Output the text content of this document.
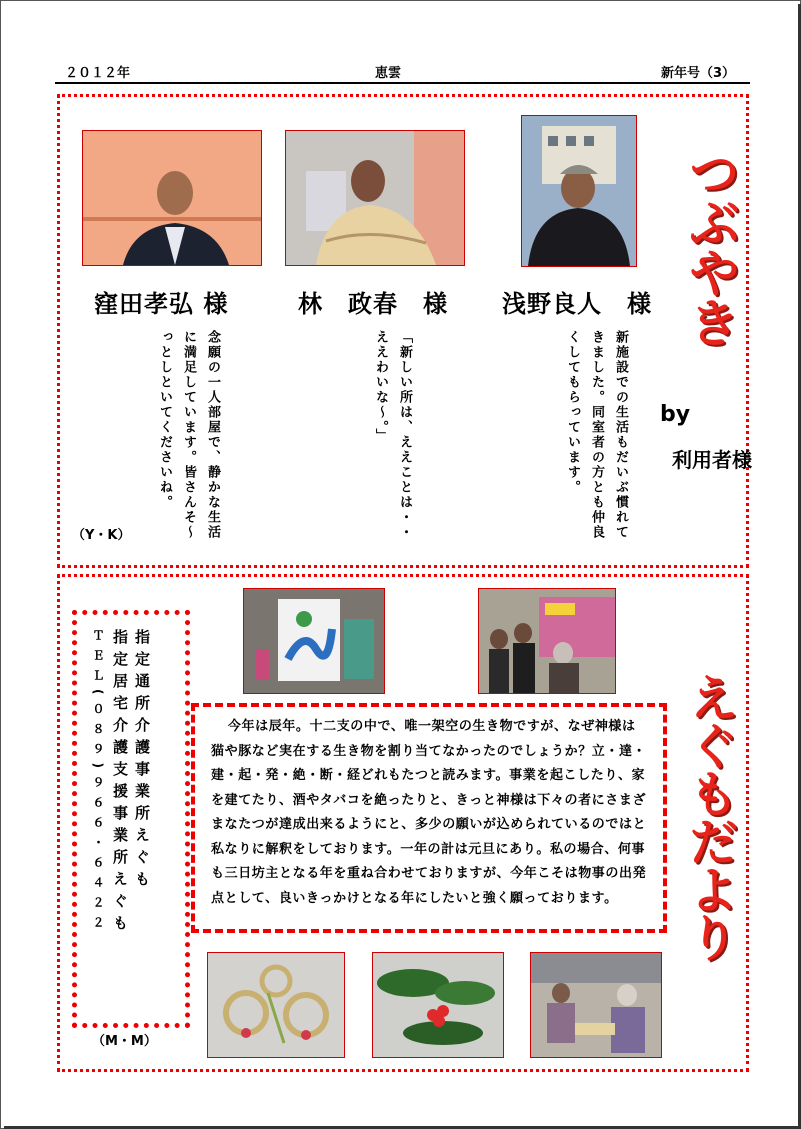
２０１２年	恵雲	新年号（3）
窪田孝弘 様	林　政春　様 浅野良人　様
念願の一人部屋で、静かな生活に満足しています。皆さんそ～っとしといてくださいね。	「新しい所は、ええことは・・ええわいな～。」	新施設での生活もだいぶ慣れてきました。同室者の方とも仲良くしてもらっています。
（Y・K）
つぶやき
by
利用者様
指定通所介護事業所えぐも
指定居宅介護支援事業所えぐも
ＴＥＬ(０８９)９６６・６４２２
（M・M）

今年は辰年。十二支の中で、唯一架空の生き物ですが、なぜ神様は猫や豚など実在する生き物を割り当てなかったのでしょうか？立・達・建・起・発・絶・断・経どれもたつと読みます。事業を起こしたり、家を建てたり、酒やタバコを絶ったりと、きっと神様は下々の者にさまざまなたつが達成出来るようにと、多少の願いが込められているのではと私なりに解釈をしております。一年の計は元旦にあり。私の場合、何事も三日坊主となる年を重ね合わせておりますが、今年こそは物事の出発点として、良いきっかけとなる年にしたいと強く願っております。	えぐもだより
